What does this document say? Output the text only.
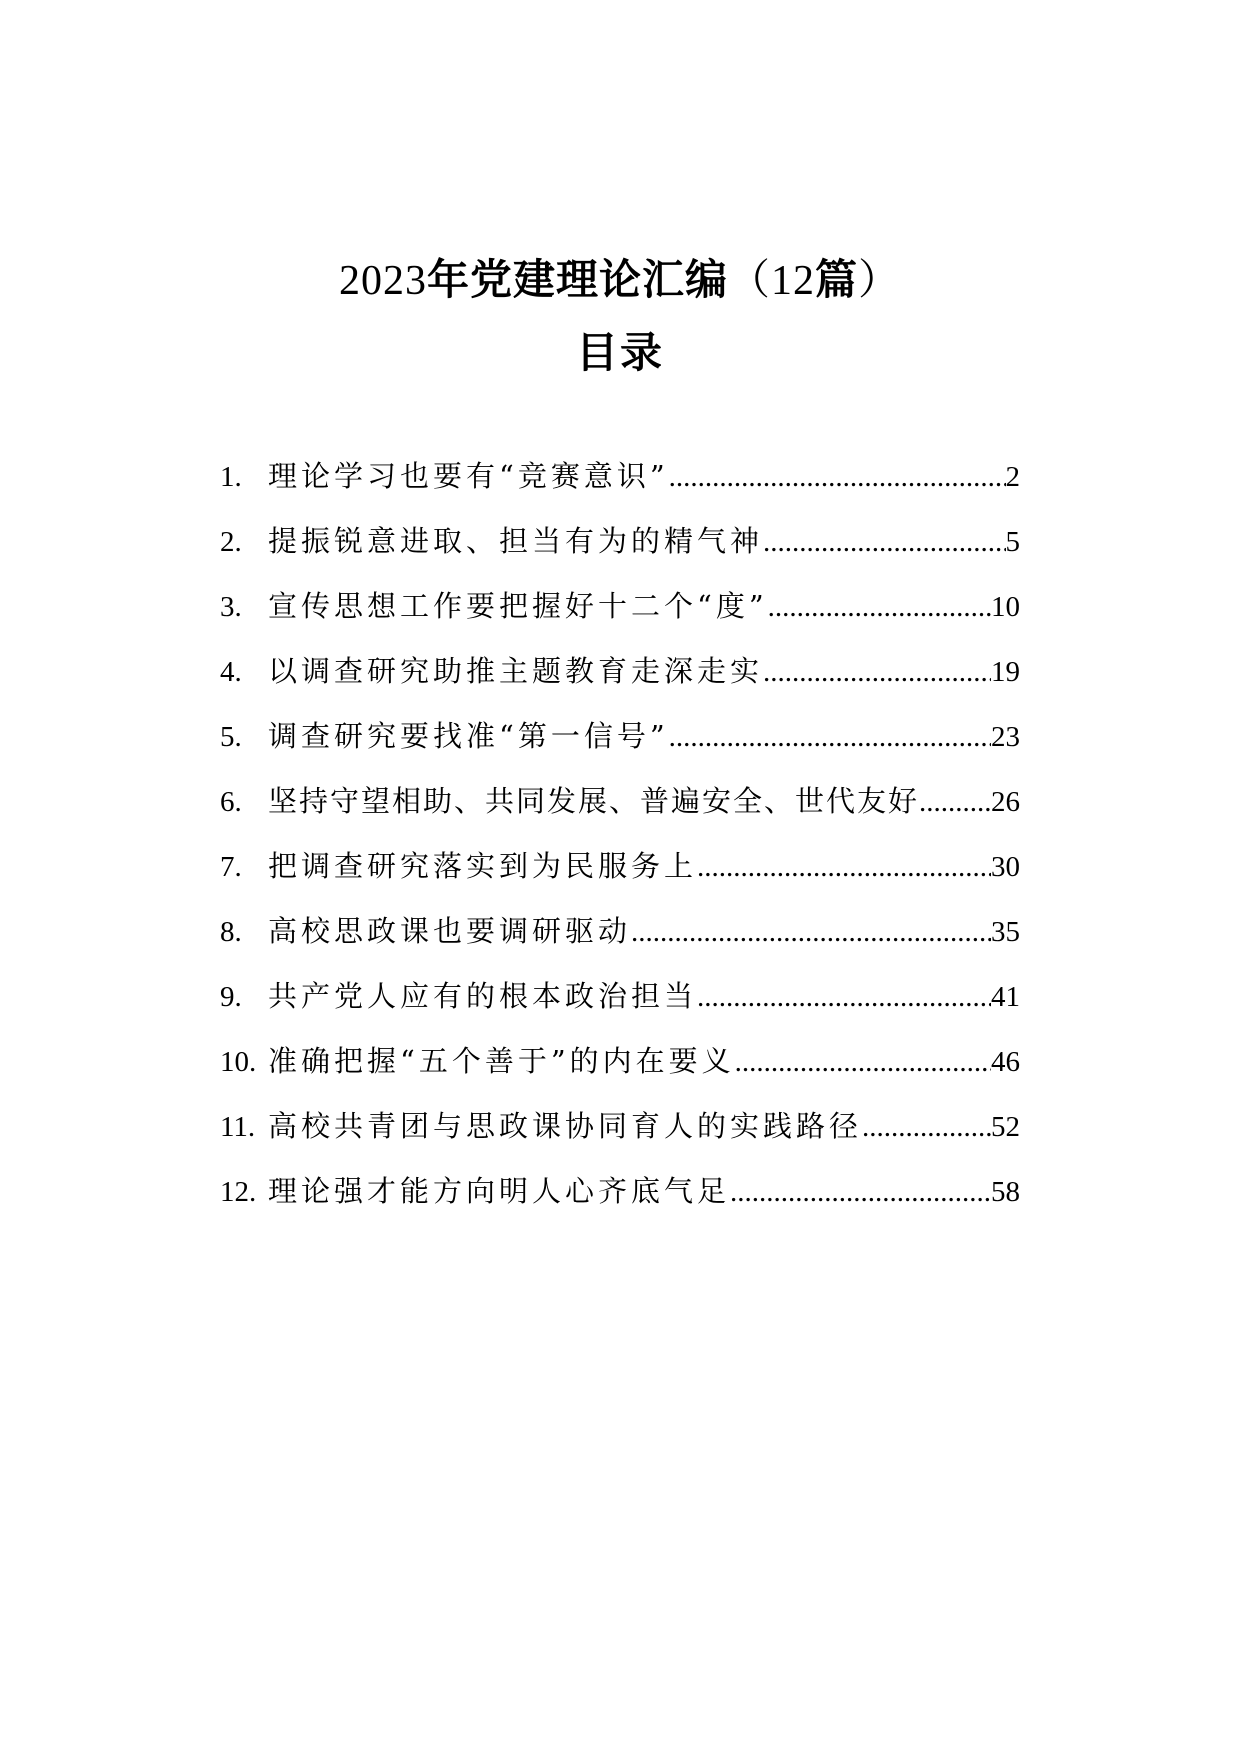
2023年党建理论汇编（12篇）
目录
1. 理论学习也要有“竞赛意识” .....	2
2. 提振锐意进取、担当有为的精气神 .....	5
3. 宣传思想工作要把握好十二个“度” .....	10
4. 以调查研究助推主题教育走深走实 .....	19
5. 调查研究要找准“第一信号” .....	23
6. 坚持守望相助、共同发展、普遍安全、世代友好 ..... 26
7. 把调查研究落实到为民服务上 .....	30
8. 高校思政课也要调研驱动 .....	35
9. 共产党人应有的根本政治担当 .....	41
10. 准确把握“五个善于”的内在要义 .....	46
11. 高校共青团与思政课协同育人的实践路径 .....	52
12. 理论强才能方向明人心齐底气足 .....	58
